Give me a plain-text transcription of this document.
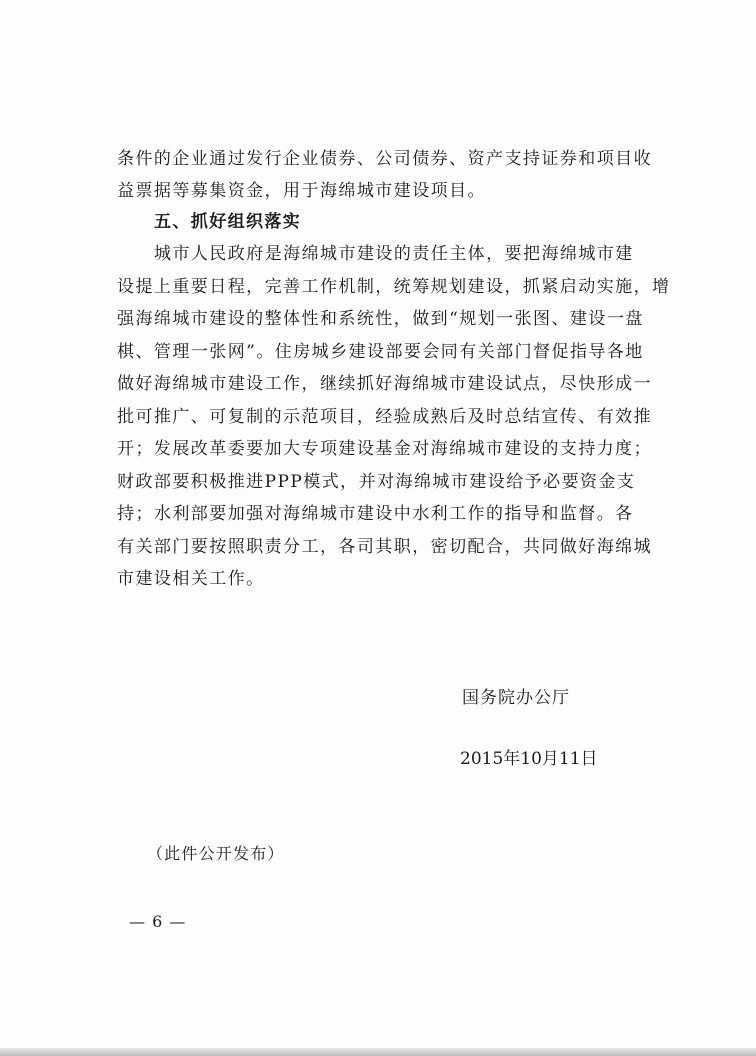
条件的企业通过发行企业债券、公司债券、资产支持证券和项目收
益票据等募集资金，用于海绵城市建设项目。
五、抓好组织落实
城市人民政府是海绵城市建设的责任主体，要把海绵城市建
设提上重要日程，完善工作机制，统筹规划建设，抓紧启动实施，增
强海绵城市建设的整体性和系统性，做到“规划一张图、建设一盘
棋、管理一张网”。住房城乡建设部要会同有关部门督促指导各地
做好海绵城市建设工作，继续抓好海绵城市建设试点，尽快形成一
批可推广、可复制的示范项目，经验成熟后及时总结宣传、有效推
开；发展改革委要加大专项建设基金对海绵城市建设的支持力度；
财政部要积极推进PPP模式，并对海绵城市建设给予必要资金支
持；水利部要加强对海绵城市建设中水利工作的指导和监督。各
有关部门要按照职责分工，各司其职，密切配合，共同做好海绵城
市建设相关工作。
国务院办公厅
2015年10月11日
（此件公开发布）
— 6 —
